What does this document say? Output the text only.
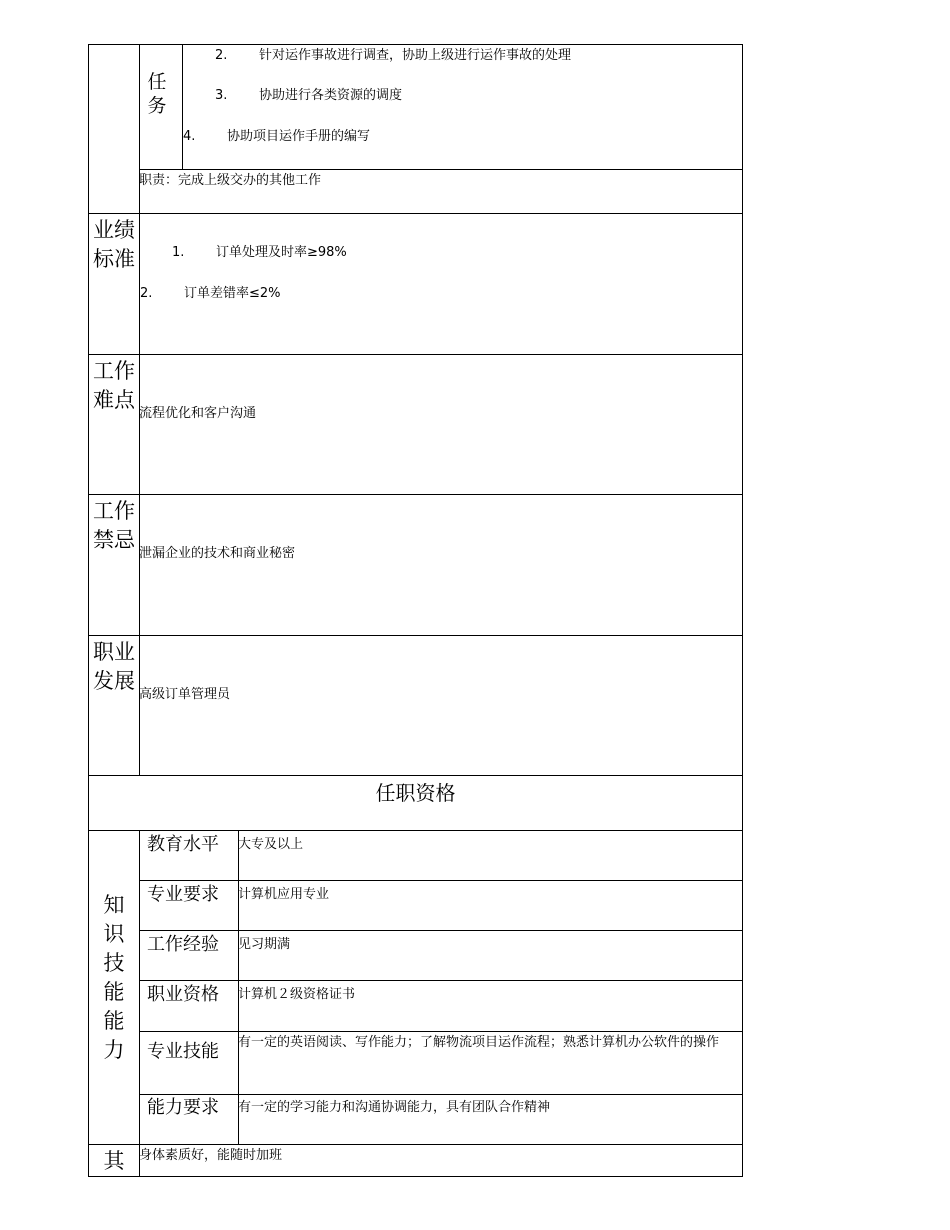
任务
2. 针对运作事故进行调查，协助上级进行运作事故的处理
3. 协助进行各类资源的调度
4. 协助项目运作手册的编写
职责：完成上级交办的其他工作
业绩标准	1. 订单处理及时率≥98%
2. 订单差错率≤2%
工作难点
流程优化和客户沟通
工作禁忌
泄漏企业的技术和商业秘密
职业发展
高级订单管理员
任职资格
知识技能能力
教育水平 大专及以上
专业要求 计算机应用专业
工作经验 见习期满
职业资格 计算机２级资格证书
专业技能 有一定的英语阅读、写作能力；了解物流项目运作流程；熟悉计算机办公软件的操作
能力要求 有一定的学习能力和沟通协调能力，具有团队合作精神
其	身体素质好，能随时加班
